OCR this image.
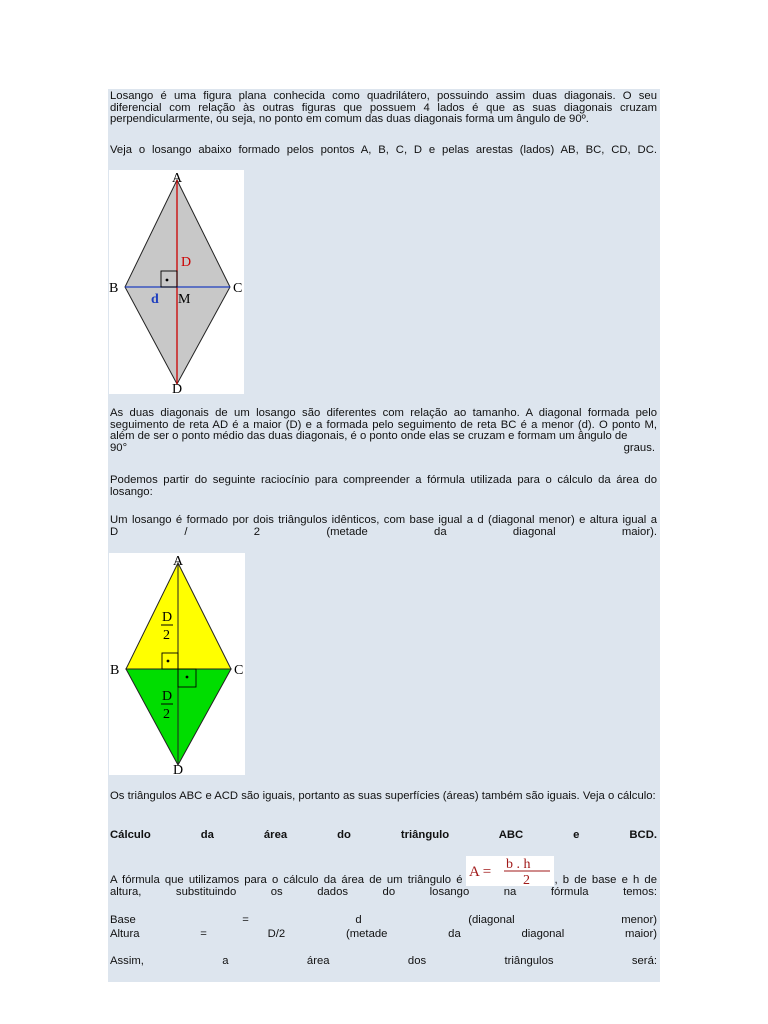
Losango é uma figura plana conhecida como quadrilátero, possuindo assim duas diagonais. O seu diferencial com relação às outras figuras que possuem 4 lados é que as suas diagonais cruzam perpendicularmente, ou seja, no ponto em comum das duas diagonais forma um ângulo de 90º.

Veja o losango abaixo formado pelos pontos A, B, C, D e pelas arestas (lados) AB, BC, CD, DC.

A
B	C
D
D
d M

As duas diagonais de um losango são diferentes com relação ao tamanho. A diagonal formada pelo seguimento de reta AD é a maior (D) e a formada pelo seguimento de reta BC é a menor (d). O ponto M, além de ser o ponto médio das duas diagonais, é o ponto onde elas se cruzam e formam um ângulo de

90°	graus.

Podemos partir do seguinte raciocínio para compreender a fórmula utilizada para o cálculo da área do losango:

Um losango é formado por dois triângulos idênticos, com base igual a d (diagonal menor) e altura igual a
D / 2 (metade da diagonal maior).

A
B	C
D
D
2
D
2

Os triângulos ABC e ACD são iguais, portanto as suas superfícies (áreas) também são iguais. Veja o cálculo:

Cálculo da área do triângulo ABC e BCD.

A = b . h
2

A fórmula que utilizamos para o cálculo da área de um triângulo é	, b de base e h de

altura, substituindo os dados do losango na fórmula temos:

Base = d (diagonal menor)

Altura = D/2 (metade da diagonal maior)

Assim, a área dos triângulos será:
